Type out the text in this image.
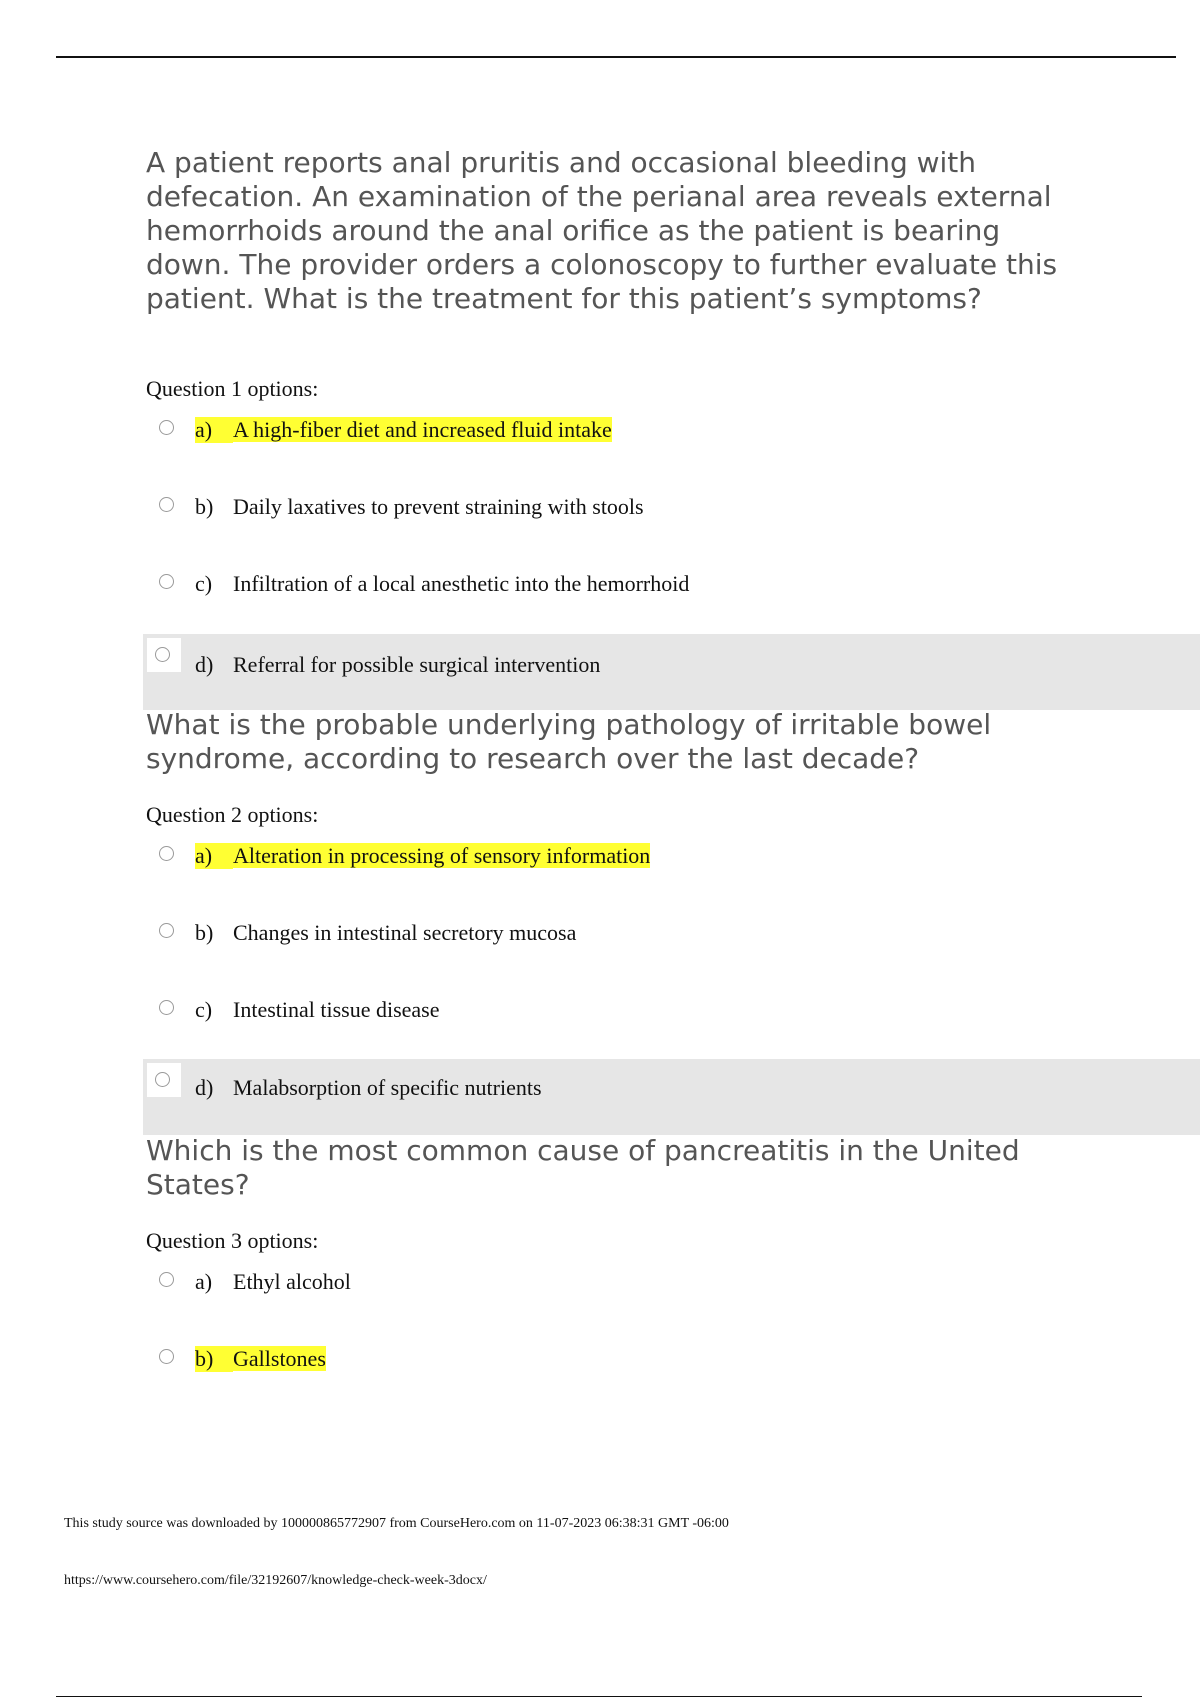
A patient reports anal pruritis and occasional bleeding with defecation. An examination of the perianal area reveals external hemorrhoids around the anal orifice as the patient is bearing down. The provider orders a colonoscopy to further evaluate this patient. What is the treatment for this patient’s symptoms?

Question 1 options:
a) A high-fiber diet and increased fluid intake
b) Daily laxatives to prevent straining with stools
c) Infiltration of a local anesthetic into the hemorrhoid
d) Referral for possible surgical intervention

What is the probable underlying pathology of irritable bowel syndrome, according to research over the last decade?

Question 2 options:
a) Alteration in processing of sensory information
b) Changes in intestinal secretory mucosa
c) Intestinal tissue disease
d) Malabsorption of specific nutrients

Which is the most common cause of pancreatitis in the United States?

Question 3 options:
a) Ethyl alcohol
b) Gallstones
This study source was downloaded by 100000865772907 from CourseHero.com on 11-07-2023 06:38:31 GMT -06:00
https://www.coursehero.com/file/32192607/knowledge-check-week-3docx/
